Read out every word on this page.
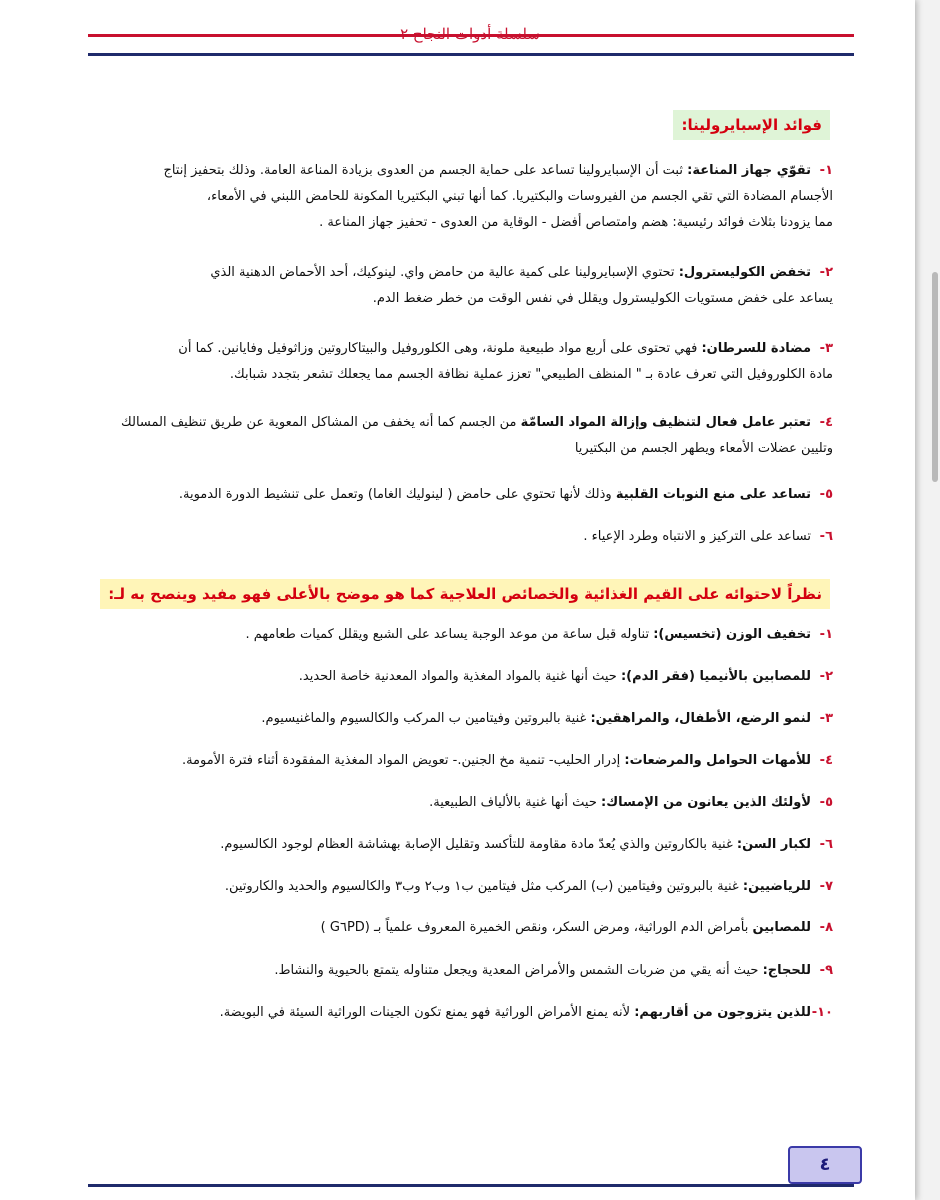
فوائد الإسبايرولينا:
١-تقوّي جهاز المناعة: ثبت أن الإسبايرولينا تساعد على حماية الجسم من العدوى بزيادة المناعة العامة. وذلك بتحفيز إنتاج
الأجسام المضادة التي تقي الجسم من الفيروسات والبكتيريا. كما أنها تبني البكتيريا المكونة للحامض اللبني في الأمعاء،
مما يزودنا بثلاث فوائد رئيسية: هضم وامتصاص أفضل - الوقاية من العدوى - تحفيز جهاز المناعة .
٢-تخفض الكوليسترول: تحتوي الإسبايرولينا على كمية عالية من حامض واي. لينوكيك، أحد الأحماض الدهنية الذي
يساعد على خفض مستويات الكوليسترول ويقلل في نفس الوقت من خطر ضغط الدم.
٣-مضادة للسرطان: فهي تحتوى على أربع مواد طبيعية ملونة، وهى الكلوروفيل والبيتاكاروتين وزاثوفيل وفايانين. كما أن
مادة الكلوروفيل التي تعرف عادة بـ " المنظف الطبيعي" تعزز عملية نظافة الجسم مما يجعلك تشعر بتجدد شبابك.
٤-تعتبر عامل فعال لتنظيف وإزالة المواد السامّة من الجسم كما أنه يخفف من المشاكل المعوية عن طريق تنظيف المسالك
وتليين عضلات الأمعاء ويطهر الجسم من البكتيريا
٥-تساعد على منع النوبات القلبية وذلك لأنها تحتوي على حامض ( لينوليك الغاما) وتعمل على تنشيط الدورة الدموية.
٦-تساعد على التركيز و الانتباه وطرد الإعياء .
نظراً لاحتوائه على القيم الغذائية والخصائص العلاجية كما هو موضح بالأعلى فهو مفيد وينصح به لـ:
١-تخفيف الوزن (تخسيس): تناوله قبل ساعة من موعد الوجبة يساعد على الشبع ويقلل كميات طعامهم .
٢-للمصابين بالأنيميا (فقر الدم): حيث أنها غنية بالمواد المغذية والمواد المعدنية خاصة الحديد.
٣-لنمو الرضع، الأطفال، والمراهقين: غنية بالبروتين وفيتامين ب المركب والكالسيوم والماغنيسيوم.
٤-للأمهات الحوامل والمرضعات: إدرار الحليب- تنمية مخ الجنين.- تعويض المواد المغذية المفقودة أثناء فترة الأمومة.
٥-لأولئك الذين يعانون من الإمساك: حيث أنها غنية بالألياف الطبيعية.
٦-لكبار السن: غنية بالكاروتين والذي يُعدّ مادة مقاومة للتأكسد وتقليل الإصابة بهشاشة العظام لوجود الكالسيوم.
٧-للرياضيين: غنية بالبروتين وفيتامين (ب) المركب مثل فيتامين ب١ وب٢ وب٣ والكالسيوم والحديد والكاروتين.
٨-للمصابين بأمراض الدم الوراثية، ومرض السكر، ونقص الخميرة المعروف علمياً بـ (G٦PD )
٩-للحجاج: حيث أنه يقي من ضربات الشمس والأمراض المعدية ويجعل متناوله يتمتع بالحيوية والنشاط.
١٠-للذين يتزوجون من أقاربهم: لأنه يمنع الأمراض الوراثية فهو يمنع تكون الجينات الوراثية السيئة في البويضة.
٤
